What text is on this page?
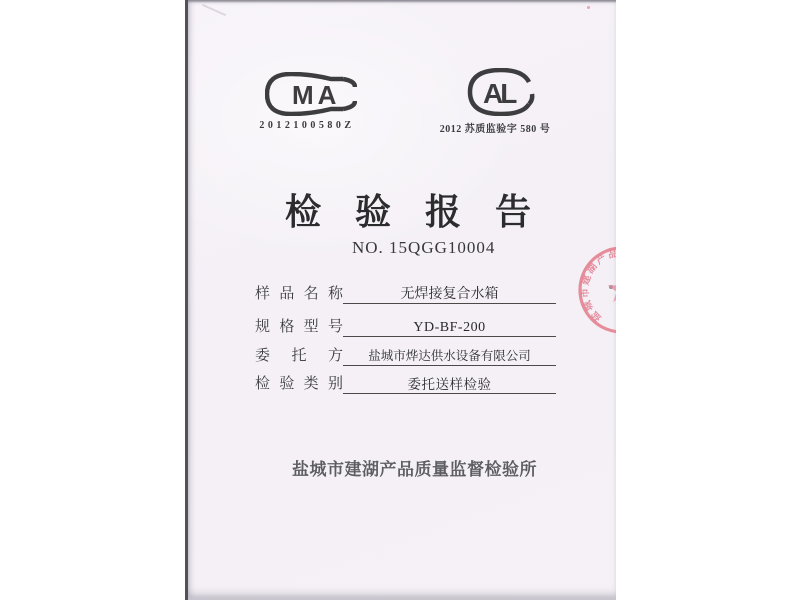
MA
2012100580Z
AL
2012 苏质监验字 580 号
检验报告
NO. 15QGG10004
样品名称	无焊接复合水箱
规格型号	YD-BF-200
委托方	盐城市烨达供水设备有限公司
检验类别	委托送样检验
盐城市建湖产品质量监督检验所
盐城市建湖产品质量监督检验所
